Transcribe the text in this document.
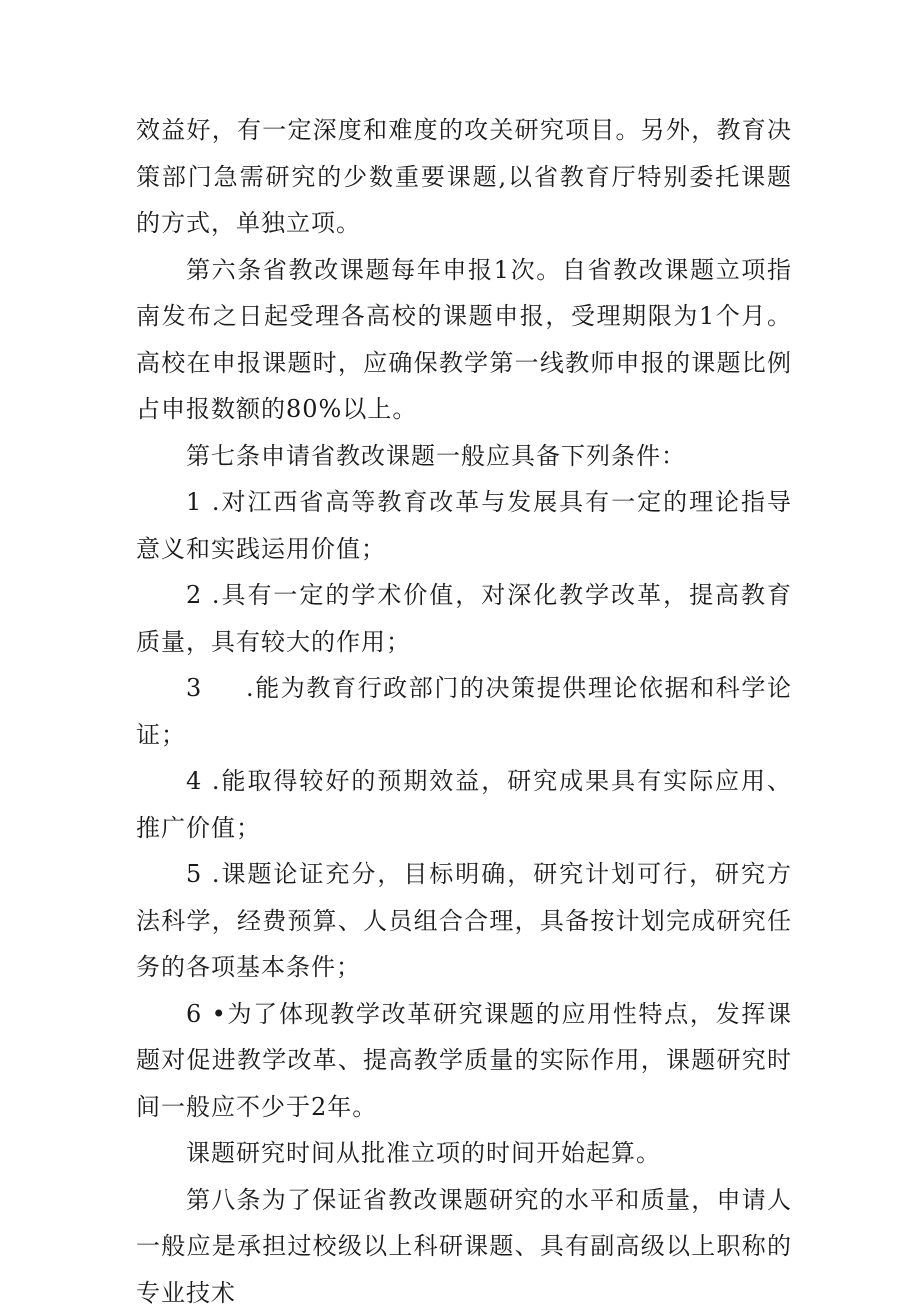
效益好，有一定深度和难度的攻关研究项目。另外，教育决策部门急需研究的少数重要课题,以省教育厅特别委托课题的方式，单独立项。

第六条省教改课题每年申报1次。自省教改课题立项指南发布之日起受理各高校的课题申报，受理期限为1个月。高校在申报课题时，应确保教学第一线教师申报的课题比例占申报数额的80%以上。

第七条申请省教改课题一般应具备下列条件：

1 .对江西省高等教育改革与发展具有一定的理论指导意义和实践运用价值；

2 .具有一定的学术价值，对深化教学改革，提高教育质量，具有较大的作用；

3 .能为教育行政部门的决策提供理论依据和科学论证；

4 .能取得较好的预期效益，研究成果具有实际应用、推广价值；

5 .课题论证充分，目标明确，研究计划可行，研究方法科学，经费预算、人员组合合理，具备按计划完成研究任务的各项基本条件；

6 •为了体现教学改革研究课题的应用性特点，发挥课题对促进教学改革、提高教学质量的实际作用，课题研究时间一般应不少于2年。

课题研究时间从批准立项的时间开始起算。

第八条为了保证省教改课题研究的水平和质量，申请人一般应是承担过校级以上科研课题、具有副高级以上职称的专业技术
